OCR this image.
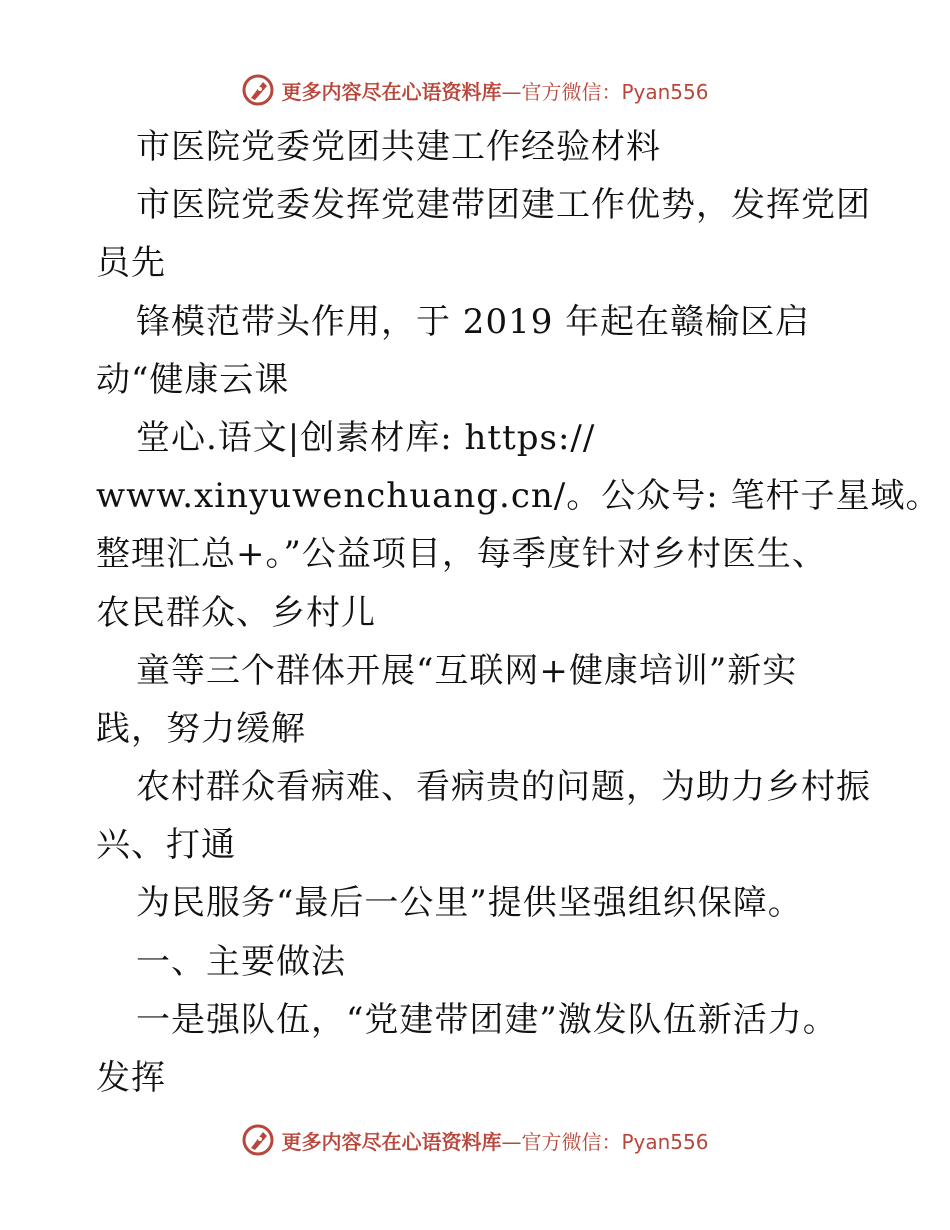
更多内容尽在心语资料库—官方微信：Pyan556
市医院党委党团共建工作经验材料
市医院党委发挥党建带团建工作优势，发挥党团
员先
锋模范带头作用，于 2019 年起在赣榆区启
动“健康云课
堂心.语文|创素材库: https://
www.xinyuwenchuang.cn/。公众号: 笔杆子星域。
整理汇总+。”公益项目，每季度针对乡村医生、
农民群众、乡村儿
童等三个群体开展“互联网+健康培训”新实
践，努力缓解
农村群众看病难、看病贵的问题，为助力乡村振
兴、打通
为民服务“最后一公里”提供坚强组织保障。
一、主要做法
一是强队伍，“党建带团建”激发队伍新活力。
发挥
更多内容尽在心语资料库—官方微信：Pyan556
